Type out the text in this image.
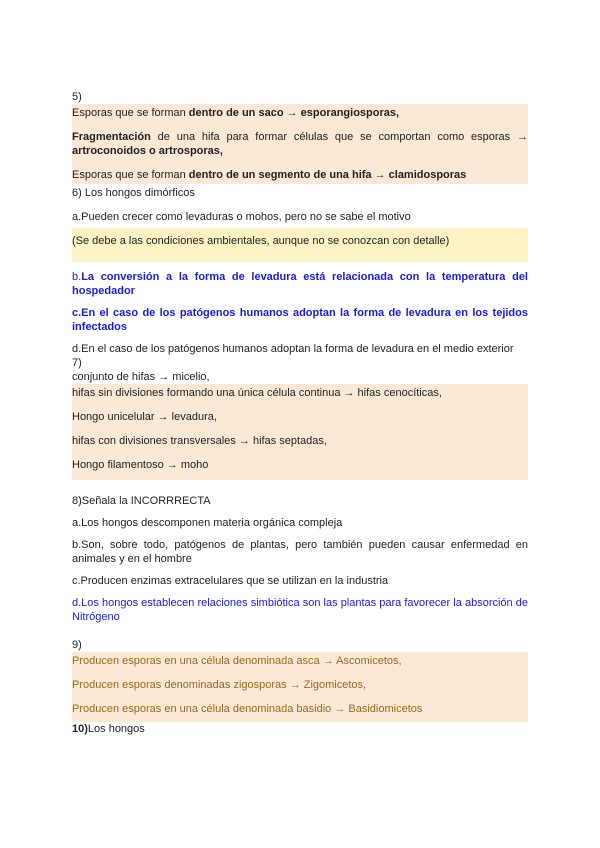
5)
Esporas que se forman dentro de un saco → esporangiosporas,
Fragmentación de una hifa para formar células que se comportan como esporas → artroconoidos o artrosporas,
Esporas que se forman dentro de un segmento de una hifa → clamidosporas
6) Los hongos dimórficos
a.Pueden crecer como levaduras o mohos, pero no se sabe el motivo
(Se debe a las condiciones ambientales, aunque no se conozcan con detalle)
b.La conversión a la forma de levadura está relacionada con la temperatura del hospedador
c.En el caso de los patógenos humanos adoptan la forma de levadura en los tejidos infectados
d.En el caso de los patógenos humanos adoptan la forma de levadura en el medio exterior
7)
conjunto de hifas → micelio,
hifas sin divisiones formando una única célula continua → hifas cenocíticas,
Hongo unicelular → levadura,
hifas con divisiones transversales → hifas septadas,
Hongo filamentoso → moho
8)Señala la INCORRRECTA
a.Los hongos descomponen materia orgánica compleja
b.Son, sobre todo, patógenos de plantas, pero también pueden causar enfermedad en animales y en el hombre
c.Producen enzimas extracelulares que se utilizan en la industria
d.Los hongos establecen relaciones simbiótica son las plantas para favorecer la absorción de Nitrógeno
9)
Producen esporas en una célula denominada asca → Ascomicetos,
Producen esporas denominadas zigosporas → Zigomicetos,
Producen esporas en una célula denominada basidio → Basidiomicetos
10)Los hongos
